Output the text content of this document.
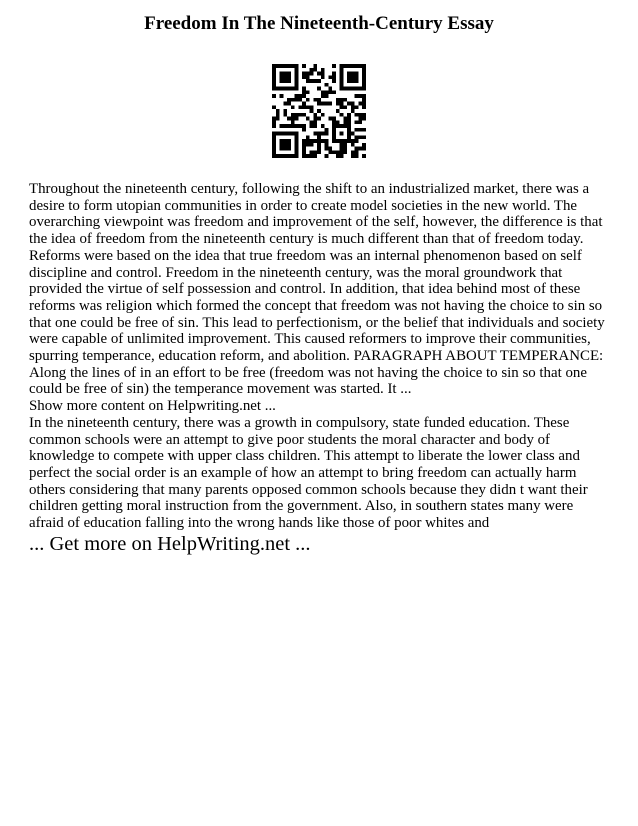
Freedom In The Nineteenth-Century Essay

Throughout the nineteenth century, following the shift to an industrialized market, there was a desire to form utopian communities in order to create model societies in the new world. The overarching viewpoint was freedom and improvement of the self, however, the difference is that the idea of freedom from the nineteenth century is much different than that of freedom today. Reforms were based on the idea that true freedom was an internal phenomenon based on self discipline and control. Freedom in the nineteenth century, was the moral groundwork that provided the virtue of self possession and control. In addition, that idea behind most of these reforms was religion which formed the concept that freedom was not having the choice to sin so that one could be free of sin. This lead to perfectionism, or the belief that individuals and society were capable of unlimited improvement. This caused reformers to improve their communities, spurring temperance, education reform, and abolition. PARAGRAPH ABOUT TEMPERANCE: Along the lines of in an effort to be free (freedom was not having the choice to sin so that one could be free of sin) the temperance movement was started. It ...

Show more content on Helpwriting.net ...

In the nineteenth century, there was a growth in compulsory, state funded education. These common schools were an attempt to give poor students the moral character and body of knowledge to compete with upper class children. This attempt to liberate the lower class and perfect the social order is an example of how an attempt to bring freedom can actually harm others considering that many parents opposed common schools because they didn t want their children getting moral instruction from the government. Also, in southern states many were afraid of education falling into the wrong hands like those of poor whites and

... Get more on HelpWriting.net ...
